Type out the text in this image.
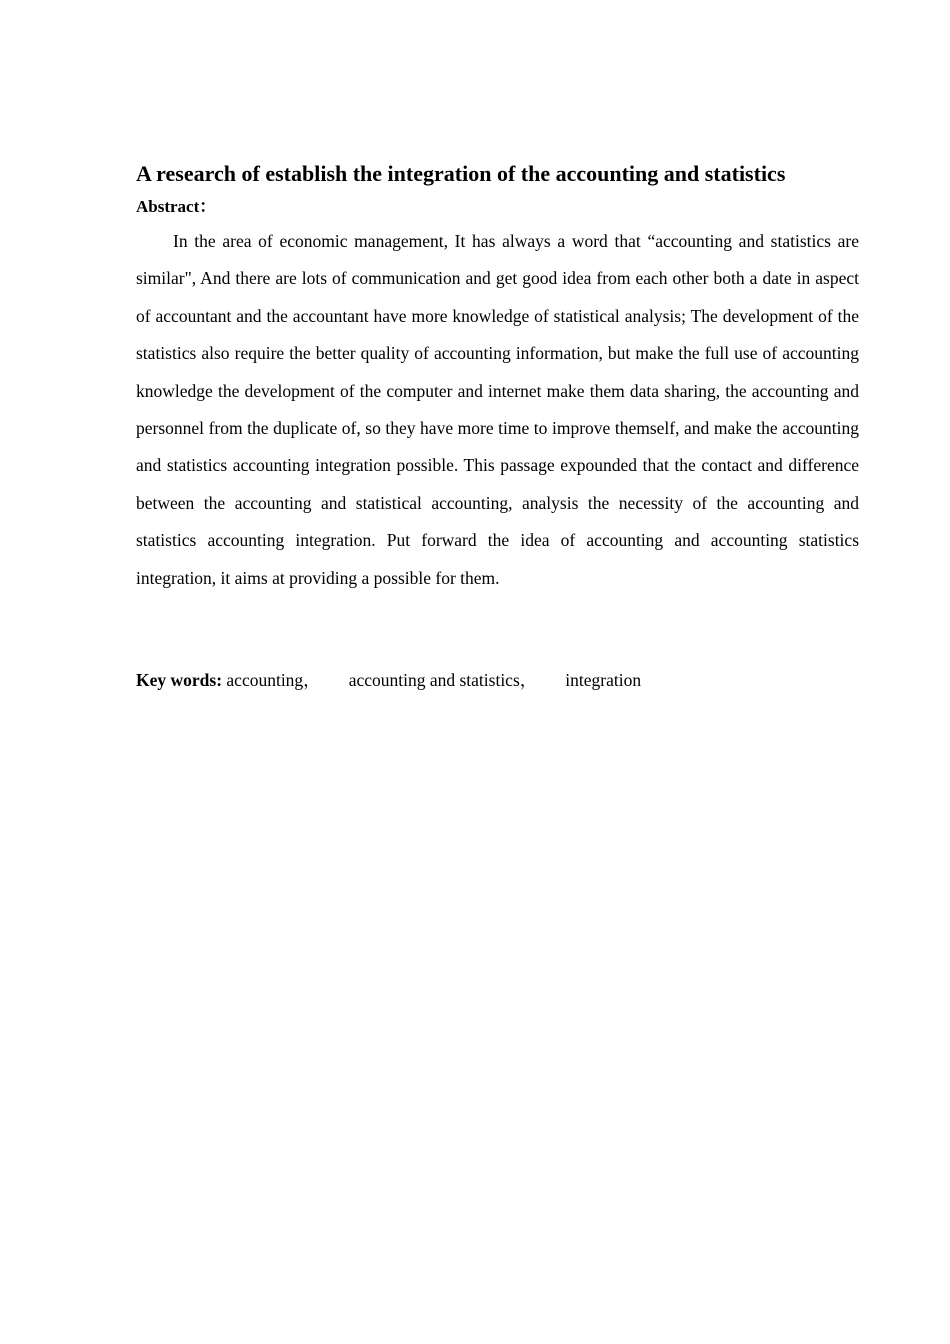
A research of establish the integration of the accounting and statistics
Abstract：

In the area of economic management, It has always a word that “accounting and statistics are similar", And there are lots of communication and get good idea from each other both a date in aspect of accountant and the accountant have more knowledge of statistical analysis; The development of the statistics also require the better quality of accounting information, but make the full use of accounting knowledge the development of the computer and internet make them data sharing, the accounting and personnel from the duplicate of, so they have more time to improve themself, and make the accounting and statistics accounting integration possible. This passage expounded that the contact and difference between the accounting and statistical accounting, analysis the necessity of the accounting and statistics accounting integration. Put forward the idea of accounting and accounting statistics integration, it aims at providing a possible for them.

Key words: accounting， accounting and statistics， integration
